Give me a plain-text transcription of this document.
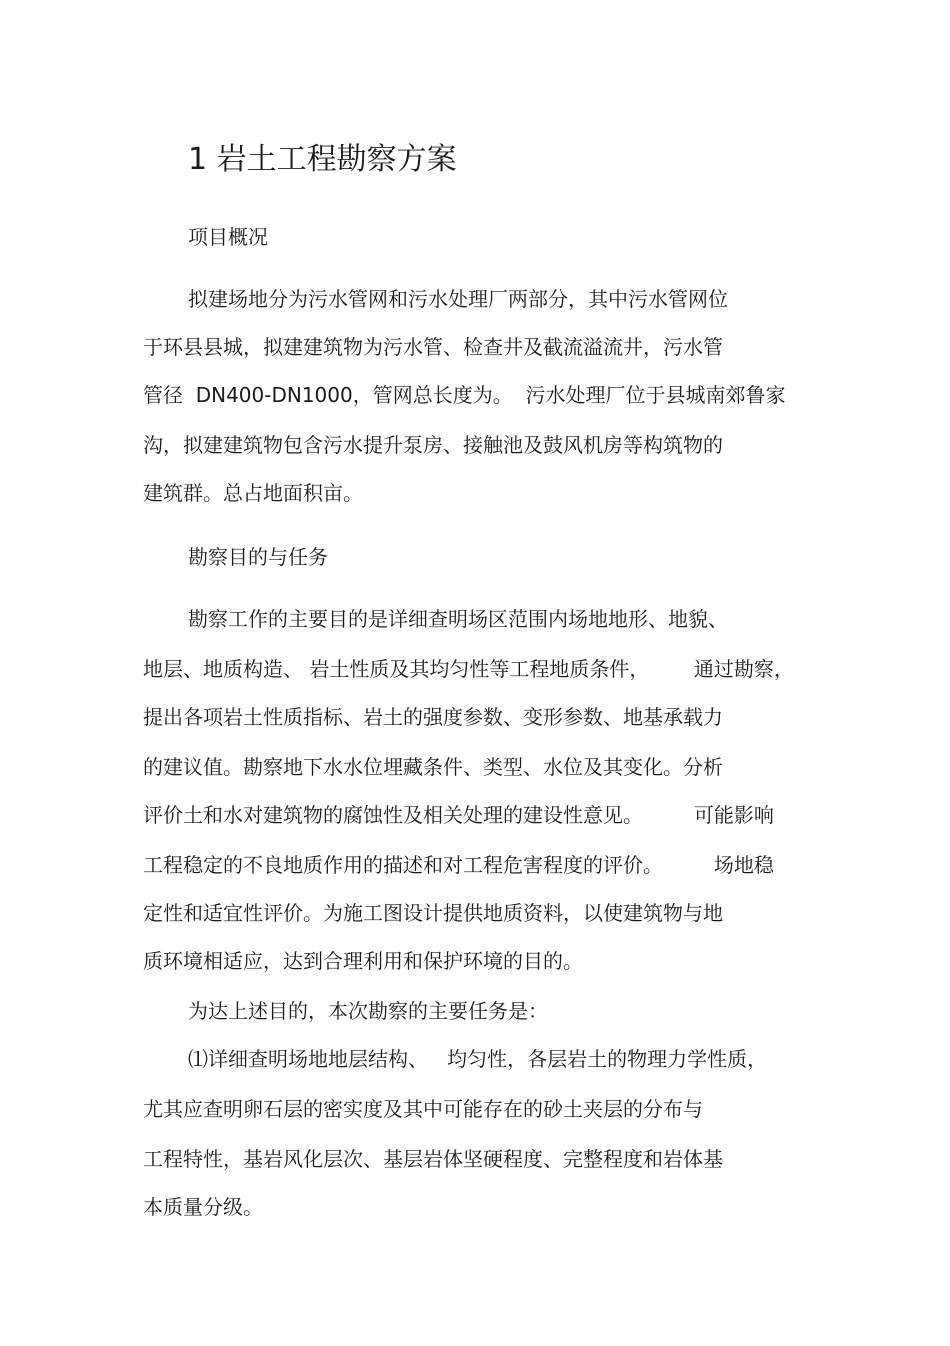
1 岩土工程勘察方案
项目概况
拟建场地分为污水管网和污水处理厂两部分，其中污水管网位
于环县县城，拟建建筑物为污水管、检查井及截流溢流井，污水管
管径  DN400-DN1000，管网总长度为。  污水处理厂位于县城南郊鲁家
沟，拟建建筑物包含污水提升泵房、接触池及鼓风机房等构筑物的
建筑群。总占地面积亩。
勘察目的与任务
勘察工作的主要目的是详细查明场区范围内场地地形、地貌、
地层、地质构造、 岩土性质及其均匀性等工程地质条件，       通过勘察，
提出各项岩土性质指标、岩土的强度参数、变形参数、地基承载力
的建议值。勘察地下水水位埋藏条件、类型、水位及其变化。分析
评价土和水对建筑物的腐蚀性及相关处理的建设性意见。        可能影响
工程稳定的不良地质作用的描述和对工程危害程度的评价。        场地稳
定性和适宜性评价。为施工图设计提供地质资料，以使建筑物与地
质环境相适应，达到合理利用和保护环境的目的。
为达上述目的，本次勘察的主要任务是：
⑴详细查明场地地层结构、   均匀性，各层岩土的物理力学性质，
尤其应查明卵石层的密实度及其中可能存在的砂土夹层的分布与
工程特性，基岩风化层次、基层岩体坚硬程度、完整程度和岩体基
本质量分级。
